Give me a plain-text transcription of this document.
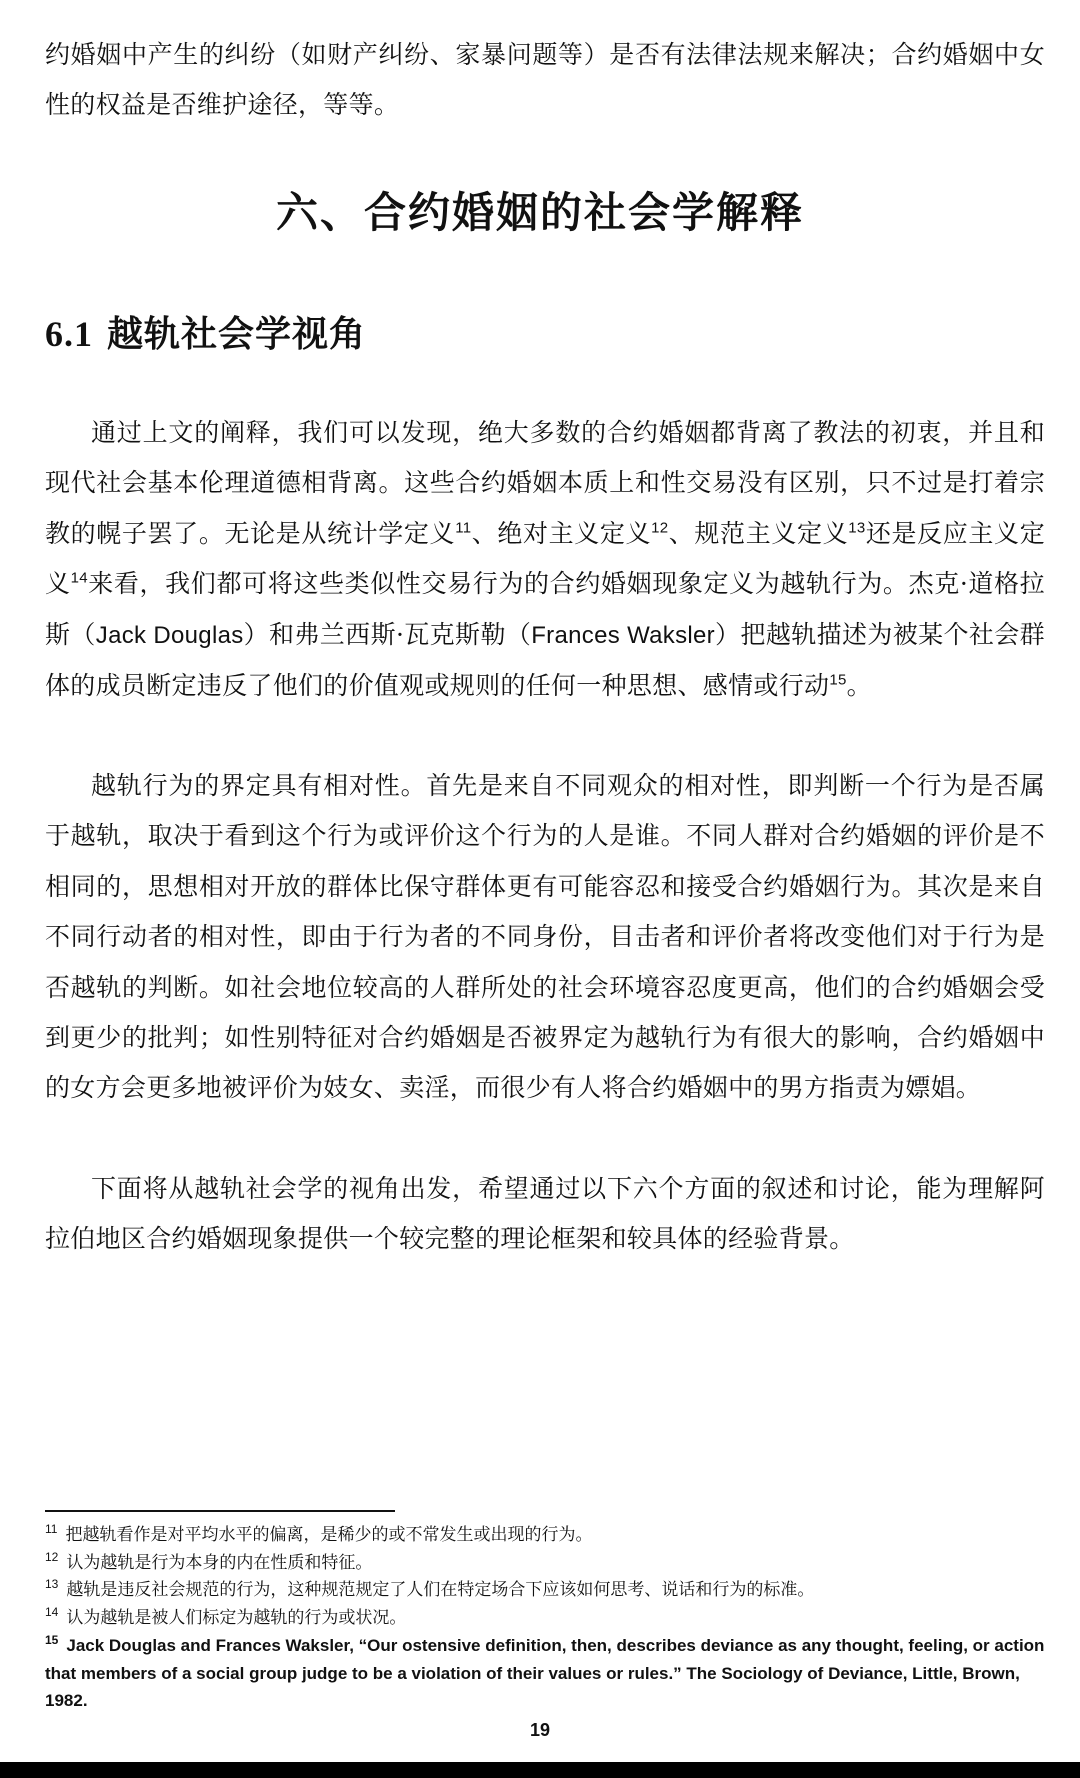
约婚姻中产生的纠纷（如财产纠纷、家暴问题等）是否有法律法规来解决；合约婚姻中女性的权益是否维护途径，等等。
六、合约婚姻的社会学解释
6.1 越轨社会学视角
通过上文的阐释，我们可以发现，绝大多数的合约婚姻都背离了教法的初衷，并且和现代社会基本伦理道德相背离。这些合约婚姻本质上和性交易没有区别，只不过是打着宗教的幌子罢了。无论是从统计学定义$^{11}$、绝对主义定义$^{12}$、规范主义定义$^{13}$还是反应主义定义$^{14}$来看，我们都可将这些类似性交易行为的合约婚姻现象定义为越轨行为。杰克·道格拉斯（Jack Douglas）和弗兰西斯·瓦克斯勒（Frances Waksler）把越轨描述为被某个社会群体的成员断定违反了他们的价值观或规则的任何一种思想、感情或行动$^{15}$。
越轨行为的界定具有相对性。首先是来自不同观众的相对性，即判断一个行为是否属于越轨，取决于看到这个行为或评价这个行为的人是谁。不同人群对合约婚姻的评价是不相同的，思想相对开放的群体比保守群体更有可能容忍和接受合约婚姻行为。其次是来自不同行动者的相对性，即由于行为者的不同身份，目击者和评价者将改变他们对于行为是否越轨的判断。如社会地位较高的人群所处的社会环境容忍度更高，他们的合约婚姻会受到更少的批判；如性别特征对合约婚姻是否被界定为越轨行为有很大的影响，合约婚姻中的女方会更多地被评价为妓女、卖淫，而很少有人将合约婚姻中的男方指责为嫖娼。
下面将从越轨社会学的视角出发，希望通过以下六个方面的叙述和讨论，能为理解阿拉伯地区合约婚姻现象提供一个较完整的理论框架和较具体的经验背景。
$^{11}$ 把越轨看作是对平均水平的偏离，是稀少的或不常发生或出现的行为。
$^{12}$ 认为越轨是行为本身的内在性质和特征。
$^{13}$ 越轨是违反社会规范的行为，这种规范规定了人们在特定场合下应该如何思考、说话和行为的标准。
$^{14}$ 认为越轨是被人们标定为越轨的行为或状况。
$^{15}$ Jack Douglas and Frances Waksler, “Our ostensive definition, then, describes deviance as any thought, feeling, or action that members of a social group judge to be a violation of their values or rules.” The Sociology of Deviance, Little, Brown, 1982.
19
